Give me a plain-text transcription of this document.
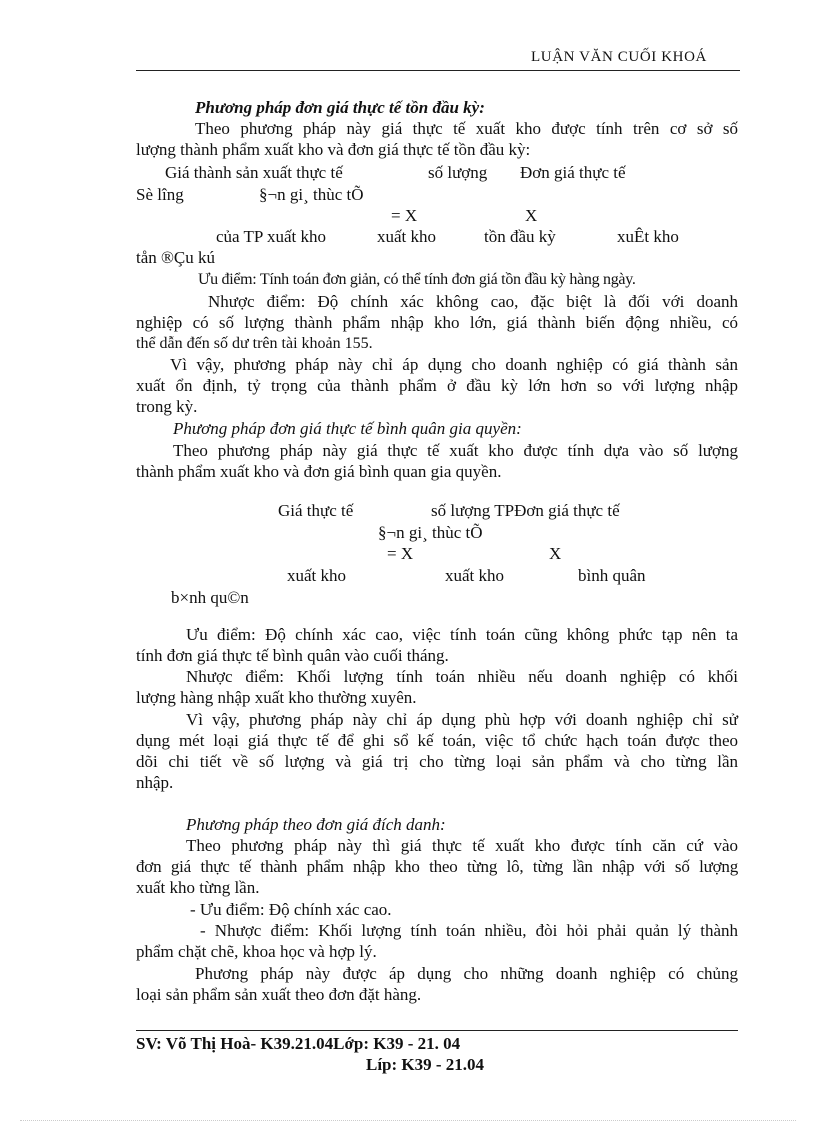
LUẬN VĂN CUỐI KHOÁ
Phương pháp đơn giá thực tế tồn đầu kỳ:
Theo phương pháp này giá thực tế xuất kho được tính trên cơ sở số
lượng thành phẩm xuất kho và đơn giá thực tế tồn đầu kỳ:
Giá thành sản xuất thực tế	số lượng Đơn giá thực tế
Sè lîng	§¬n gi¸ thùc tÕ
= X	X
của TP xuất kho	xuất kho	tồn đầu kỳ	xuÊt kho
tån ®Çu kú
Ưu điểm: Tính toán đơn giản, có thể tính đơn giá tồn đầu kỳ hàng ngày.
Nhược điểm: Độ chính xác không cao, đặc biệt là đối với doanh
nghiệp có số lượng thành phẩm nhập kho lớn, giá thành biến động nhiều, có
thể dẫn đến số dư trên tài khoản 155.
Vì vậy, phương pháp này chỉ áp dụng cho doanh nghiệp có giá thành sản
xuất ổn định, tỷ trọng của thành phẩm ở đầu kỳ lớn hơn so với lượng nhập
trong kỳ.
Phương pháp đơn giá thực tế bình quân gia quyền:
Theo phương pháp này giá thực tế xuất kho được tính dựa vào số lượng
thành phẩm xuất kho và đơn giá bình quan gia quyền.
Giá thực tế	số lượng TPĐơn giá thực tế
§¬n gi¸ thùc tÕ
= X	X
xuất kho	xuất kho	bình quân
b×nh qu©n
Ưu điểm: Độ chính xác cao, việc tính toán cũng không phức tạp nên ta
tính đơn giá thực tế bình quân vào cuối tháng.
Nhược điểm: Khối lượng tính toán nhiều nếu doanh nghiệp có khối
lượng hàng nhập xuất kho thường xuyên.
Vì vậy, phương pháp này chỉ áp dụng phù hợp với doanh nghiệp chỉ sử
dụng mét loại giá thực tế để ghi sổ kế toán, việc tổ chức hạch toán được theo
dõi chi tiết về số lượng và giá trị cho từng loại sản phẩm và cho từng lần
nhập.
Phương pháp theo đơn giá đích danh:
Theo phương pháp này thì giá thực tế xuất kho được tính căn cứ vào
đơn giá thực tế thành phẩm nhập kho theo từng lô, từng lần nhập với số lượng
xuất kho từng lần.
- Ưu điểm: Độ chính xác cao.
- Nhược điểm: Khối lượng tính toán nhiều, đòi hỏi phải quản lý thành
phẩm chặt chẽ, khoa học và hợp lý.
Phương pháp này được áp dụng cho những doanh nghiệp có chủng
loại sản phẩm sản xuất theo đơn đặt hàng.
SV: Võ Thị Hoà- K39.21.04Lớp: K39 - 21. 04
Líp: K39 - 21.04
